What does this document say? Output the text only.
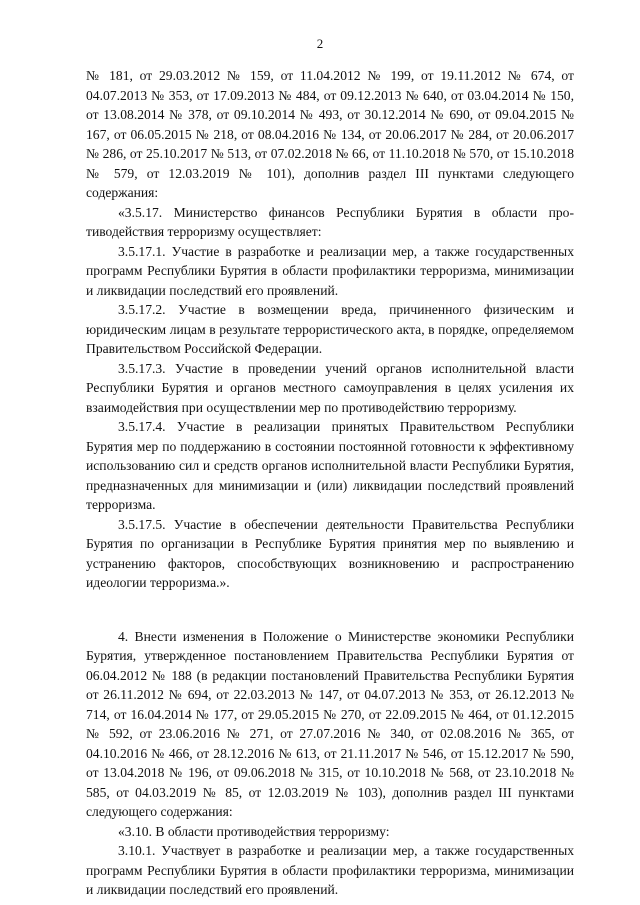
2

№ 181, от 29.03.2012 № 159, от 11.04.2012 № 199, от 19.11.2012 № 674, от 04.07.2013 № 353, от 17.09.2013 № 484, от 09.12.2013 № 640, от 03.04.2014 № 150, от 13.08.2014 № 378, от 09.10.2014 № 493, от 30.12.2014 № 690, от 09.04.2015 № 167, от 06.05.2015 № 218, от 08.04.2016 № 134, от 20.06.2017 № 284, от 20.06.2017 № 286, от 25.10.2017 № 513, от 07.02.2018 № 66, от 11.10.2018 № 570, от 15.10.2018 № 579, от 12.03.2019 № 101), дополнив раздел III пунктами следующего содержания:

«3.5.17. Министерство финансов Республики Бурятия в области противодействия терроризму осуществляет:

3.5.17.1. Участие в разработке и реализации мер, а также государственных программ Республики Бурятия в области профилактики терроризма, минимизации и ликвидации последствий его проявлений.

3.5.17.2. Участие в возмещении вреда, причиненного физическим и юридическим лицам в результате террористического акта, в порядке, определяемом Правительством Российской Федерации.

3.5.17.3. Участие в проведении учений органов исполнительной власти Республики Бурятия и органов местного самоуправления в целях усиления их взаимодействия при осуществлении мер по противодействию терроризму.

3.5.17.4. Участие в реализации принятых Правительством Республики Бурятия мер по поддержанию в состоянии постоянной готовности к эффективному использованию сил и средств органов исполнительной власти Республики Бурятия, предназначенных для минимизации и (или) ликвидации последствий проявлений терроризма.

3.5.17.5. Участие в обеспечении деятельности Правительства Республики Бурятия по организации в Республике Бурятия принятия мер по выявлению и устранению факторов, способствующих возникновению и распространению идеологии терроризма.».

4. Внести изменения в Положение о Министерстве экономики Республики Бурятия, утвержденное постановлением Правительства Республики Бурятия от 06.04.2012 № 188 (в редакции постановлений Правительства Республики Бурятия от 26.11.2012 № 694, от 22.03.2013 № 147, от 04.07.2013 № 353, от 26.12.2013 № 714, от 16.04.2014 № 177, от 29.05.2015 № 270, от 22.09.2015 № 464, от 01.12.2015 № 592, от 23.06.2016 № 271, от 27.07.2016 № 340, от 02.08.2016 № 365, от 04.10.2016 № 466, от 28.12.2016 № 613, от 21.11.2017 № 546, от 15.12.2017 № 590, от 13.04.2018 № 196, от 09.06.2018 № 315, от 10.10.2018 № 568, от 23.10.2018 № 585, от 04.03.2019 № 85, от 12.03.2019 № 103), дополнив раздел III пунктами следующего содержания:

«3.10. В области противодействия терроризму:

3.10.1. Участвует в разработке и реализации мер, а также государственных программ Республики Бурятия в области профилактики терроризма, минимизации и ликвидации последствий его проявлений.
